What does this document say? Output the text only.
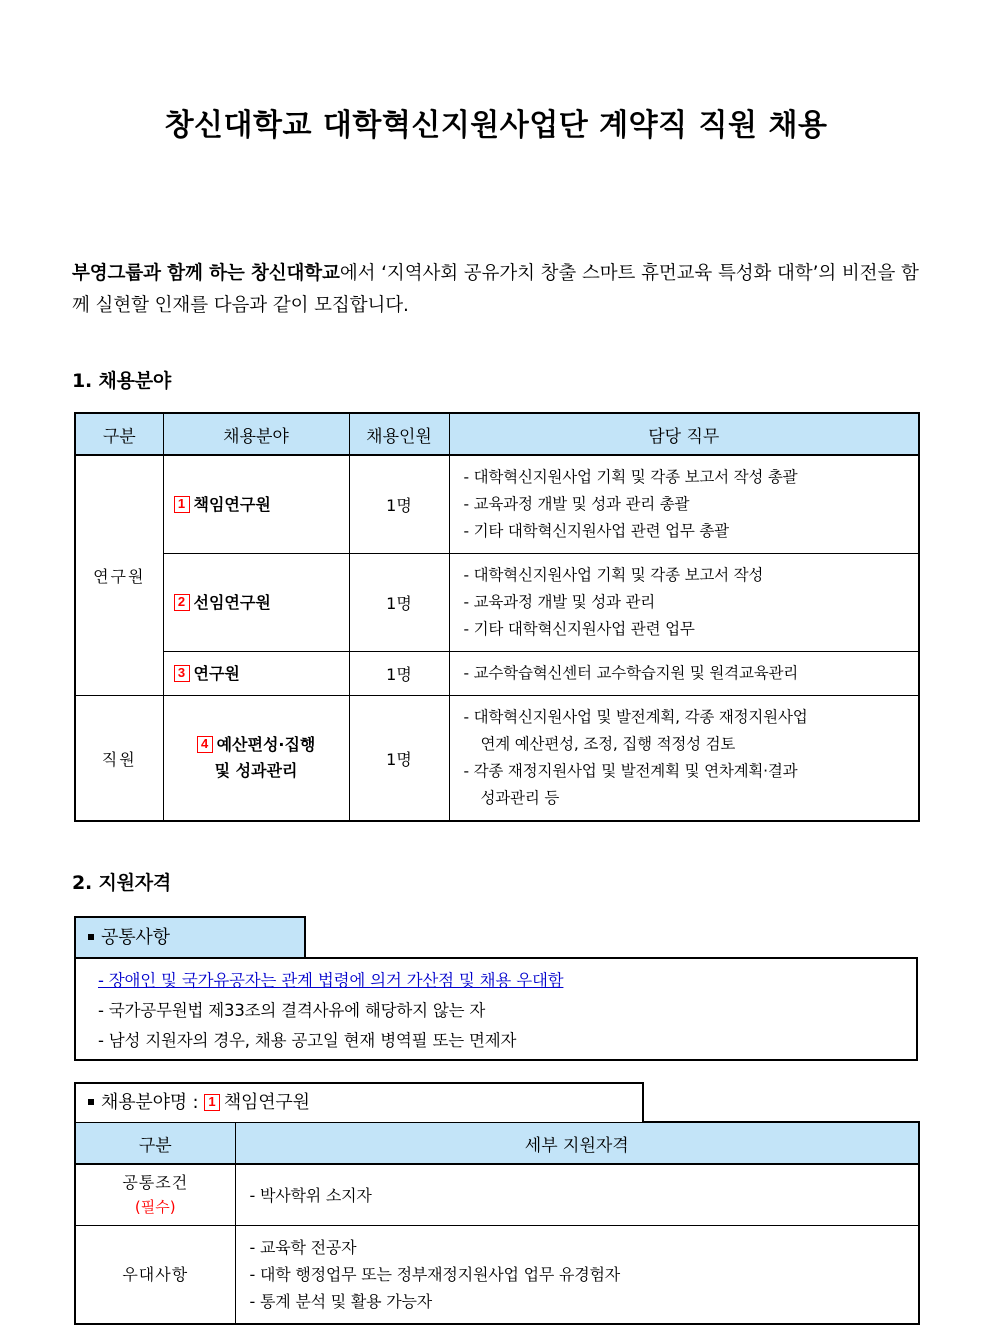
창신대학교 대학혁신지원사업단 계약직 직원 채용
부영그룹과 함께 하는 창신대학교에서 ‘지역사회 공유가치 창출 스마트 휴먼교육 특성화 대학’의 비전을 함께 실현할 인재를 다음과 같이 모집합니다.
1. 채용분야
구분	채용분야	채용인원	담당 직무
연구원	1 책임연구원	1명	- 대학혁신지원사업 기획 및 각종 보고서 작성 총괄
- 교육과정 개발 및 성과 관리 총괄
- 기타 대학혁신지원사업 관련 업무 총괄

	2 선임연구원	1명	- 대학혁신지원사업 기획 및 각종 보고서 작성
- 교육과정 개발 및 성과 관리
- 기타 대학혁신지원사업 관련 업무

	3 연구원	1명	- 교수학습혁신센터 교수학습지원 및 원격교육관리

직원	4 예산편성·집행
및 성과관리	1명	- 대학혁신지원사업 및 발전계획, 각종 재정지원사업
연계 예산편성, 조정, 집행 적정성 검토
- 각종 재정지원사업 및 발전계획 및 연차계획·결과
성과관리 등
2. 지원자격
공통사항
- 장애인 및 국가유공자는 관계 법령에 의거 가산점 및 채용 우대함
- 국가공무원법 제33조의 결격사유에 해당하지 않는 자
- 남성 지원자의 경우, 채용 공고일 현재 병역필 또는 면제자
채용분야명 : 1 책임연구원
구분	세부 지원자격
공통조건
(필수)	- 박사학위 소지자

우대사항	- 교육학 전공자
- 대학 행정업무 또는 정부재정지원사업 업무 유경험자
- 통계 분석 및 활용 가능자
